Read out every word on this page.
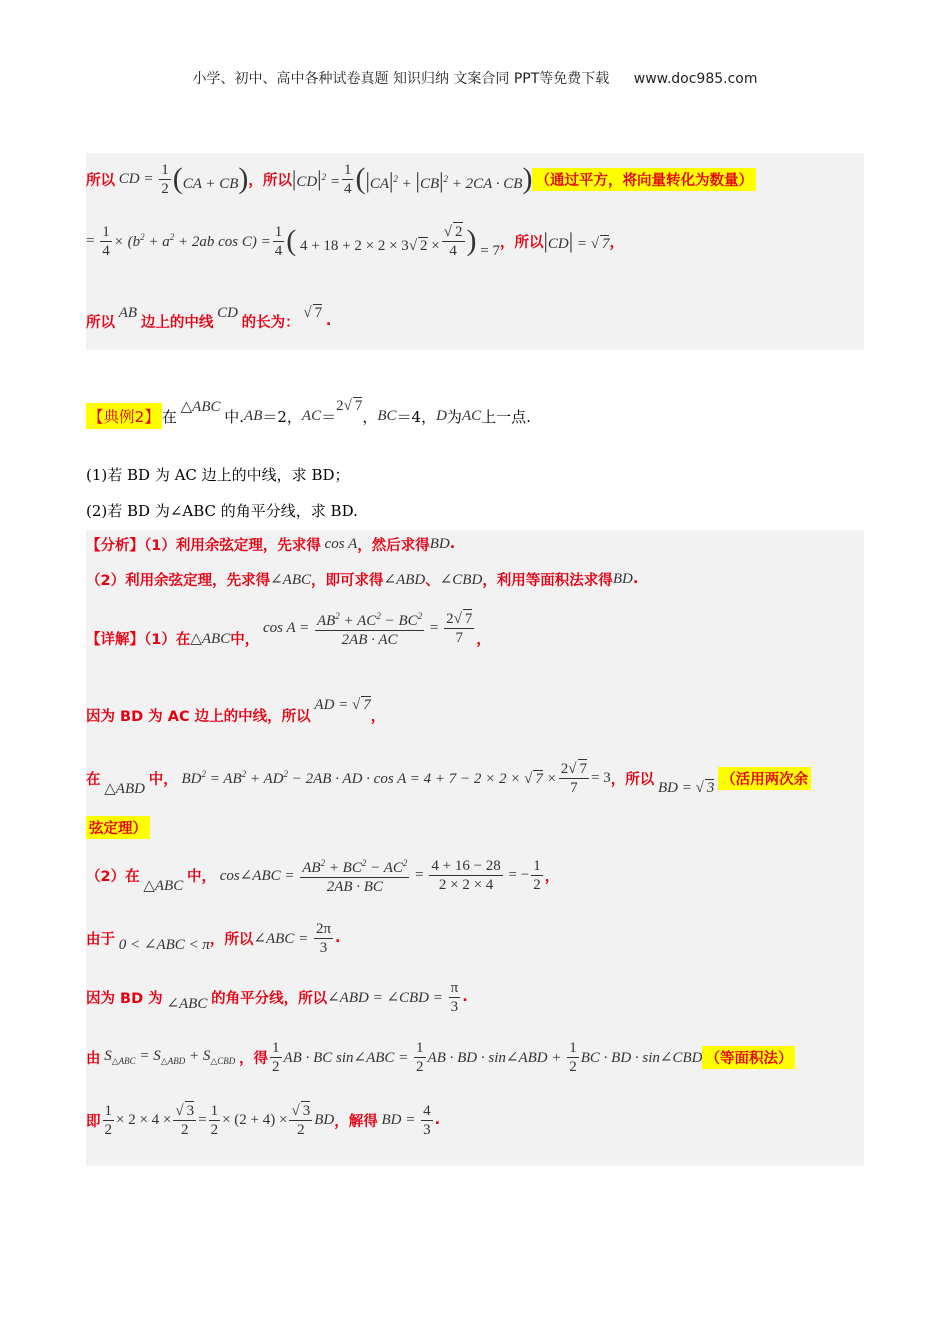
小学、初中、高中各种试卷真题 知识归纳 文案合同 PPT等免费下载 www.doc985.com
所以 CD = $\frac{1}{2} (CA + CB)$ ，所以 $|CD|^2 = \frac{1}{4} (|CA|^2 + |CB|^2 + 2CA \cdot CB)$ （通过平方，将向量转化为数量）
= $\frac{1}{4} \times (b^2 + a^2 + 2ab$ $\cos C) = \frac{1}{4}$ ( 4 + 18 + 2 × 2 × 3√ $2 \times \frac{√ 2}{4}$ ) = 7 ，所以 |CD| = √ 7 ，
所以
AB
边上的中线
CD
的长为：
√ 7 .
【典例2】 在
△ABC
中. AB ＝2， AC ＝
2√ 7
， BC ＝4， D 为 AC 上一点.
(1)若 BD 为 AC 边上的中线，求 BD；
(2)若 BD 为∠ABC 的角平分线，求 BD.
【分析】（1）利用余弦定理，先求得 cos A ，然后求得 BD .
（2）利用余弦定理，先求得 ∠ABC ，即可求得 ∠ABD 、 ∠CBD ，利用等面积法求得 BD .
【详解】（1）在 △ABC 中，
$\cos A = \frac{AB^2 + AC^2 - BC^2}{2AB \cdot AC} = \frac{2√ 7}{7}$ ，
因为 BD 为 AC 边上的中线，所以
AD = √ 7
，
在
△ABD
中， $BD^2 = AB^2 + AD^2 - 2AB$ · AD · cos A = 4 + 7 − 2 × 2 × √ $7 \times \frac{2√ 7}{7} = 3$ ，所以
BD = √ 3
（活用两次余
弦定理）
（2）在
△ABC
中， cos∠ABC = $\frac{AB^2 + BC^2 - AC^2}{2AB \cdot BC} = \frac{4 + 16 - 28}{2 \times 2 \times 4}$ = − $\frac{1}{2}$ ，
由于 0 < ∠ABC < π ，所以 ∠ABC = $\frac{2\pi}{3}$ .
因为 BD 为 ∠ABC 的角平分线，所以 ∠ABD = ∠CBD = $\frac{\pi}{3}$ .
由 $S_{\triangle ABC} = S_{\triangle ABD} + S_{\triangle CBD}$ ，得 $\frac{1}{2}$ AB · BC sin∠ABC = $\frac{1}{2}$ AB · BD · sin∠ABD + $\frac{1}{2}$ BC · BD · sin∠CBD （等面积法）
即 $\frac{1}{2} \times 2 \times 4 \times \frac{√ 3}{2} = \frac{1}{2} \times (2 + 4) \times \frac{√ 3}{2}$ BD ，解得 BD = $\frac{4}{3}$ .
